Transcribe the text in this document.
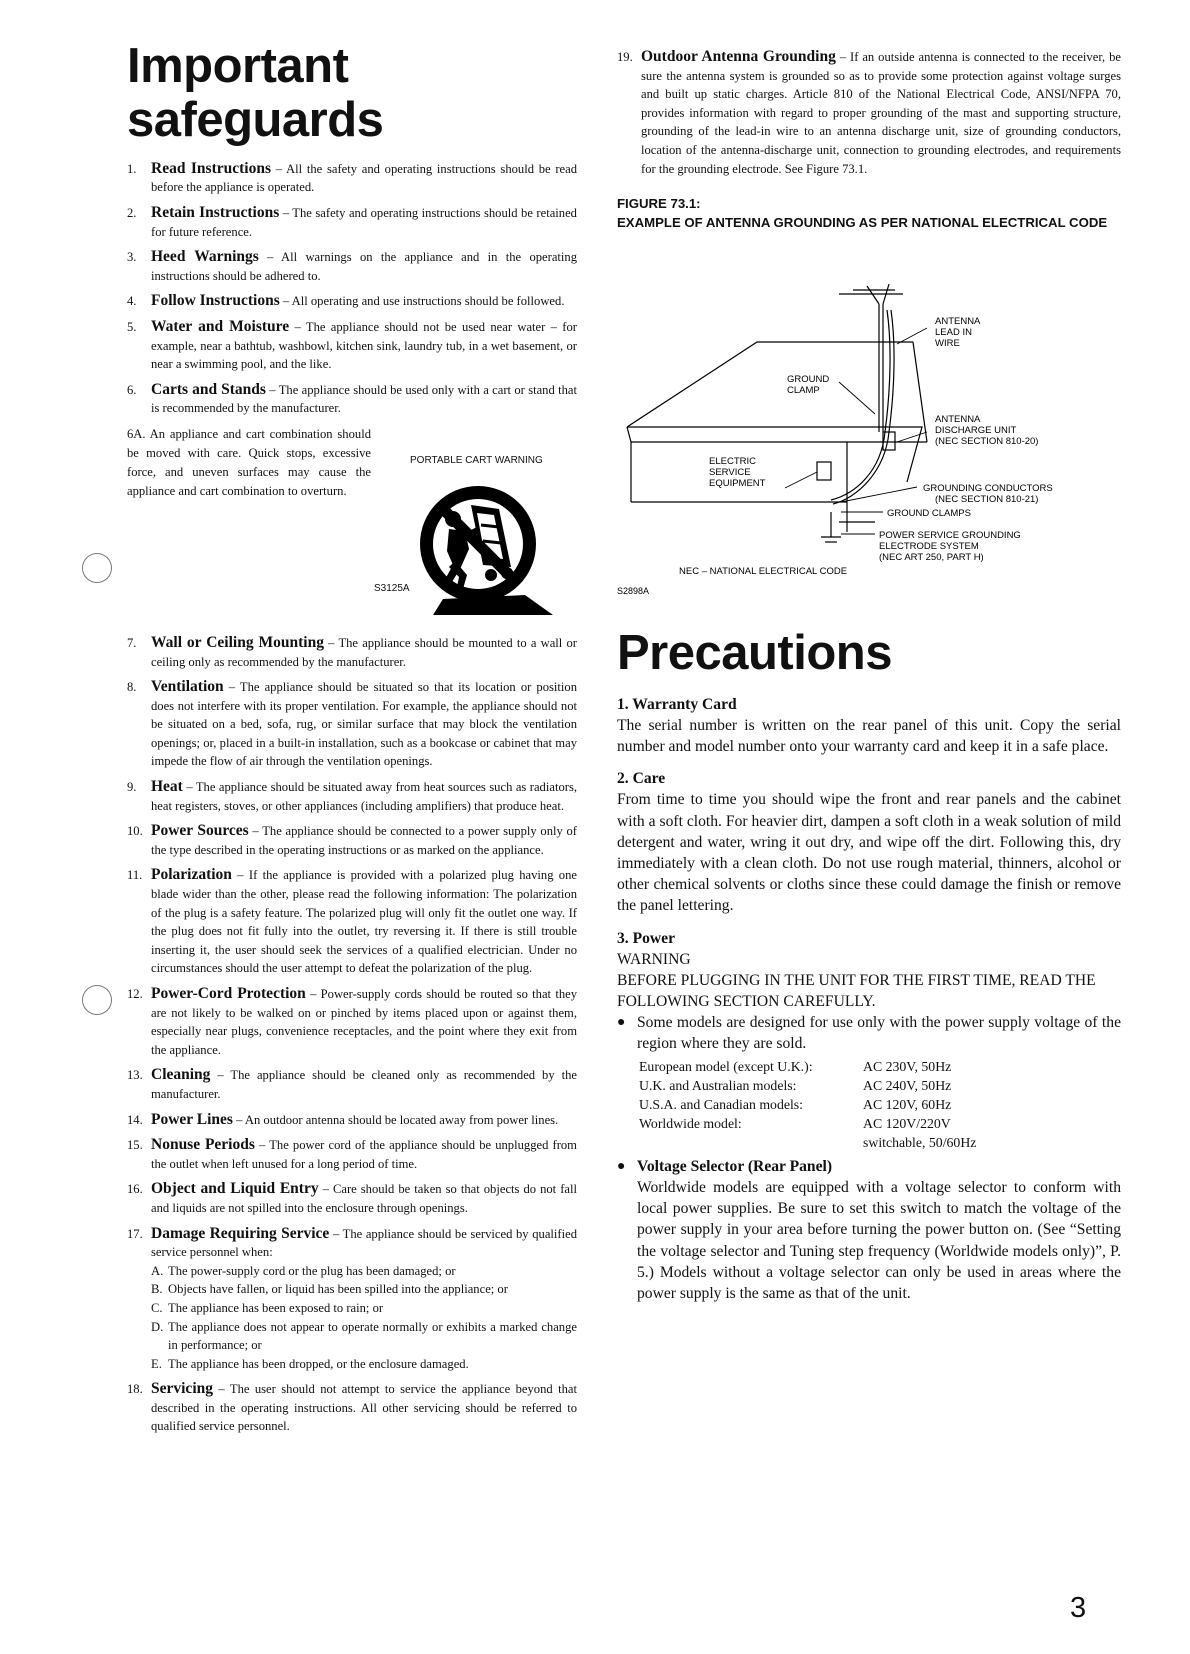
Important safeguards
1. Read Instructions – All the safety and operating instructions should be read before the appliance is operated.
2. Retain Instructions – The safety and operating instructions should be retained for future reference.
3. Heed Warnings – All warnings on the appliance and in the operating instructions should be adhered to.
4. Follow Instructions – All operating and use instructions should be followed.
5. Water and Moisture – The appliance should not be used near water – for example, near a bathtub, washbowl, kitchen sink, laundry tub, in a wet basement, or near a swimming pool, and the like.
6. Carts and Stands – The appliance should be used only with a cart or stand that is recommended by the manufacturer.
6A. An appliance and cart combination should be moved with care. Quick stops, excessive force, and uneven surfaces may cause the appliance and cart combination to overturn.
PORTABLE CART WARNING
S3125A
7. Wall or Ceiling Mounting – The appliance should be mounted to a wall or ceiling only as recommended by the manufacturer.
8. Ventilation – The appliance should be situated so that its location or position does not interfere with its proper ventilation. For example, the appliance should not be situated on a bed, sofa, rug, or similar surface that may block the ventilation openings; or, placed in a built-in installation, such as a bookcase or cabinet that may impede the flow of air through the ventilation openings.
9. Heat – The appliance should be situated away from heat sources such as radiators, heat registers, stoves, or other appliances (including amplifiers) that produce heat.
10. Power Sources – The appliance should be connected to a power supply only of the type described in the operating instructions or as marked on the appliance.
11. Polarization – If the appliance is provided with a polarized plug having one blade wider than the other, please read the following information: The polarization of the plug is a safety feature. The polarized plug will only fit the outlet one way. If the plug does not fit fully into the outlet, try reversing it. If there is still trouble inserting it, the user should seek the services of a qualified electrician. Under no circumstances should the user attempt to defeat the polarization of the plug.
12. Power-Cord Protection – Power-supply cords should be routed so that they are not likely to be walked on or pinched by items placed upon or against them, especially near plugs, convenience receptacles, and the point where they exit from the appliance.
13. Cleaning – The appliance should be cleaned only as recommended by the manufacturer.
14. Power Lines – An outdoor antenna should be located away from power lines.
15. Nonuse Periods – The power cord of the appliance should be unplugged from the outlet when left unused for a long period of time.
16. Object and Liquid Entry – Care should be taken so that objects do not fall and liquids are not spilled into the enclosure through openings.
17. Damage Requiring Service – The appliance should be serviced by qualified service personnel when:
A. The power-supply cord or the plug has been damaged; or
B. Objects have fallen, or liquid has been spilled into the appliance; or
C. The appliance has been exposed to rain; or
D. The appliance does not appear to operate normally or exhibits a marked change in performance; or
E. The appliance has been dropped, or the enclosure damaged.
18. Servicing – The user should not attempt to service the appliance beyond that described in the operating instructions. All other servicing should be referred to qualified service personnel.
19. Outdoor Antenna Grounding – If an outside antenna is connected to the receiver, be sure the antenna system is grounded so as to provide some protection against voltage surges and built up static charges. Article 810 of the National Electrical Code, ANSI/NFPA 70, provides information with regard to proper grounding of the mast and supporting structure, grounding of the lead-in wire to an antenna discharge unit, size of grounding conductors, location of the antenna-discharge unit, connection to grounding electrodes, and requirements for the grounding electrode. See Figure 73.1.
FIGURE 73.1:
EXAMPLE OF ANTENNA GROUNDING AS PER NATIONAL ELECTRICAL CODE
ANTENNA
LEAD IN
WIRE
GROUND
CLAMP
ANTENNA
DISCHARGE UNIT
(NEC SECTION 810-20)
ELECTRIC
SERVICE
EQUIPMENT	GROUNDING CONDUCTORS
(NEC SECTION 810-21)
GROUND CLAMPS
POWER SERVICE GROUNDING
ELECTRODE SYSTEM
(NEC ART 250, PART H)
NEC – NATIONAL ELECTRICAL CODE
S2898A
Precautions
1. Warranty Card
The serial number is written on the rear panel of this unit. Copy the serial number and model number onto your warranty card and keep it in a safe place.
2. Care
From time to time you should wipe the front and rear panels and the cabinet with a soft cloth. For heavier dirt, dampen a soft cloth in a weak solution of mild detergent and water, wring it out dry, and wipe off the dirt. Following this, dry immediately with a clean cloth. Do not use rough material, thinners, alcohol or other chemical solvents or cloths since these could damage the finish or remove the panel lettering.
3. Power
WARNING
BEFORE PLUGGING IN THE UNIT FOR THE FIRST TIME, READ THE FOLLOWING SECTION CAREFULLY.
● Some models are designed for use only with the power supply voltage of the region where they are sold.
European model (except U.K.):	AC 230V, 50Hz
U.K. and Australian models:	AC 240V, 50Hz
U.S.A. and Canadian models:	AC 120V, 60Hz
Worldwide model:	AC 120V/220V switchable, 50/60Hz
● Voltage Selector (Rear Panel)
Worldwide models are equipped with a voltage selector to conform with local power supplies. Be sure to set this switch to match the voltage of the power supply in your area before turning the power button on. (See “Setting the voltage selector and Tuning step frequency (Worldwide models only)”, P. 5.) Models without a voltage selector can only be used in areas where the power supply is the same as that of the unit.
3
